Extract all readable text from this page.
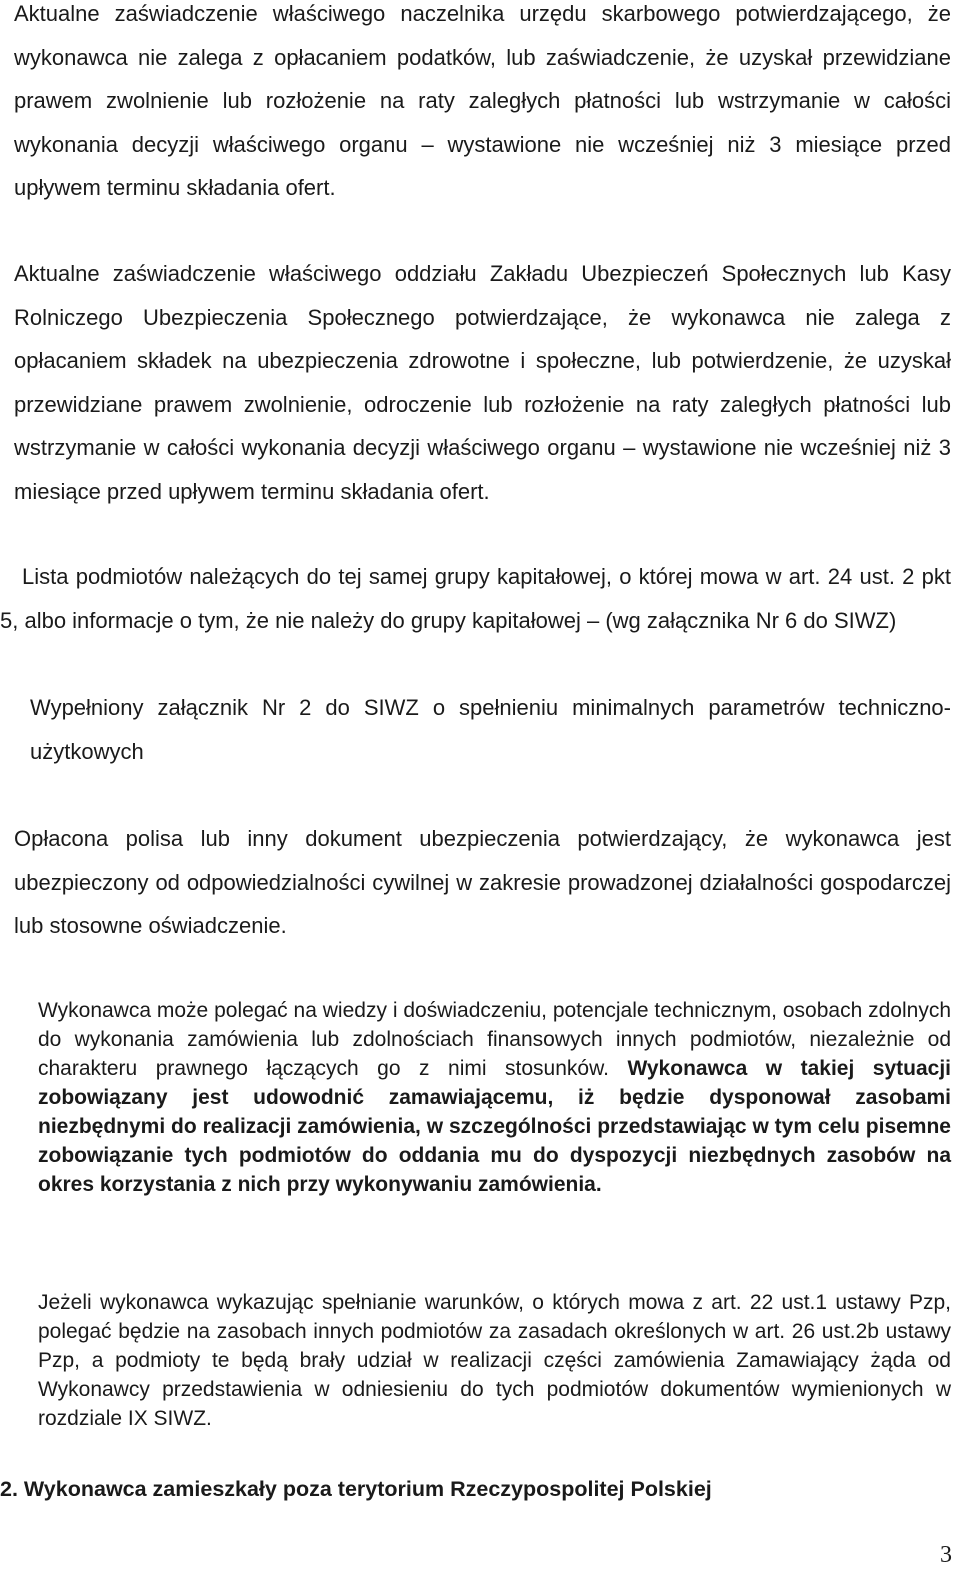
Aktualne zaświadczenie właściwego naczelnika urzędu skarbowego potwierdzającego, że wykonawca nie zalega z opłacaniem podatków, lub zaświadczenie, że uzyskał przewidziane prawem zwolnienie lub rozłożenie na raty zaległych płatności lub wstrzymanie w całości wykonania decyzji właściwego organu – wystawione nie wcześniej niż 3 miesiące przed upływem terminu składania ofert.

Aktualne zaświadczenie właściwego oddziału Zakładu Ubezpieczeń Społecznych lub Kasy Rolniczego Ubezpieczenia Społecznego potwierdzające, że wykonawca nie zalega z opłacaniem składek na ubezpieczenia zdrowotne i społeczne, lub potwierdzenie, że uzyskał przewidziane prawem zwolnienie, odroczenie lub rozłożenie na raty zaległych płatności lub wstrzymanie w całości wykonania decyzji właściwego organu – wystawione nie wcześniej niż 3 miesiące przed upływem terminu składania ofert.

Lista podmiotów należących do tej samej grupy kapitałowej, o której mowa w art. 24 ust. 2 pkt 5, albo informacje o tym, że nie należy do grupy kapitałowej – (wg załącznika Nr 6 do SIWZ)

Wypełniony załącznik Nr 2 do SIWZ o spełnieniu minimalnych parametrów techniczno-użytkowych

Opłacona polisa lub inny dokument ubezpieczenia potwierdzający, że wykonawca jest ubezpieczony od odpowiedzialności cywilnej w zakresie prowadzonej działalności gospodarczej lub stosowne oświadczenie.

Wykonawca może polegać na wiedzy i doświadczeniu, potencjale technicznym, osobach zdolnych do wykonania zamówienia lub zdolnościach finansowych innych podmiotów, niezależnie od charakteru prawnego łączących go z nimi stosunków. Wykonawca w takiej sytuacji zobowiązany jest udowodnić zamawiającemu, iż będzie dysponował zasobami niezbędnymi do realizacji zamówienia, w szczególności przedstawiając w tym celu pisemne zobowiązanie tych podmiotów do oddania mu do dyspozycji niezbędnych zasobów na okres korzystania z nich przy wykonywaniu zamówienia.

Jeżeli wykonawca wykazując spełnianie warunków, o których mowa z art. 22 ust.1 ustawy Pzp, polegać będzie na zasobach innych podmiotów za zasadach określonych w art. 26 ust.2b ustawy Pzp, a podmioty te będą brały udział w realizacji części zamówienia Zamawiający żąda od Wykonawcy przedstawienia w odniesieniu do tych podmiotów dokumentów wymienionych w rozdziale IX SIWZ.

2. Wykonawca zamieszkały poza terytorium Rzeczypospolitej Polskiej
3
